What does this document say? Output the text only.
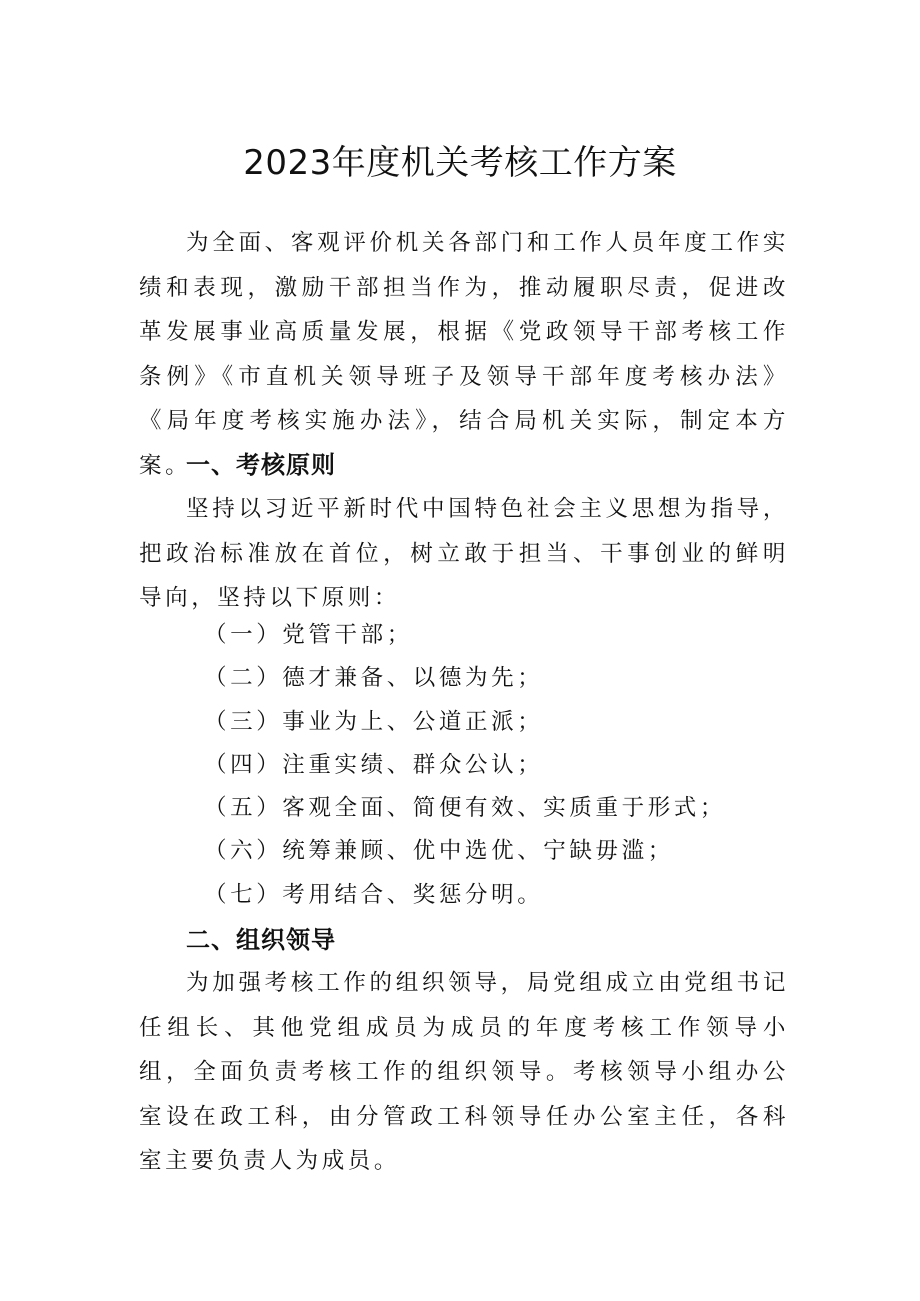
2023年度机关考核工作方案

为全面、客观评价机关各部门和工作人员年度工作实绩和表现，激励干部担当作为，推动履职尽责，促进改革发展事业高质量发展，根据《党政领导干部考核工作条例》《市直机关领导班子及领导干部年度考核办法》《局年度考核实施办法》，结合局机关实际，制定本方案。

一、考核原则

坚持以习近平新时代中国特色社会主义思想为指导，把政治标准放在首位，树立敢于担当、干事创业的鲜明导向，坚持以下原则：

（一）党管干部；
（二）德才兼备、以德为先；
（三）事业为上、公道正派；
（四）注重实绩、群众公认；
（五）客观全面、简便有效、实质重于形式；
（六）统筹兼顾、优中选优、宁缺毋滥；
（七）考用结合、奖惩分明。
二、组织领导

为加强考核工作的组织领导，局党组成立由党组书记任组长、其他党组成员为成员的年度考核工作领导小组，全面负责考核工作的组织领导。考核领导小组办公室设在政工科，由分管政工科领导任办公室主任，各科室主要负责人为成员。
